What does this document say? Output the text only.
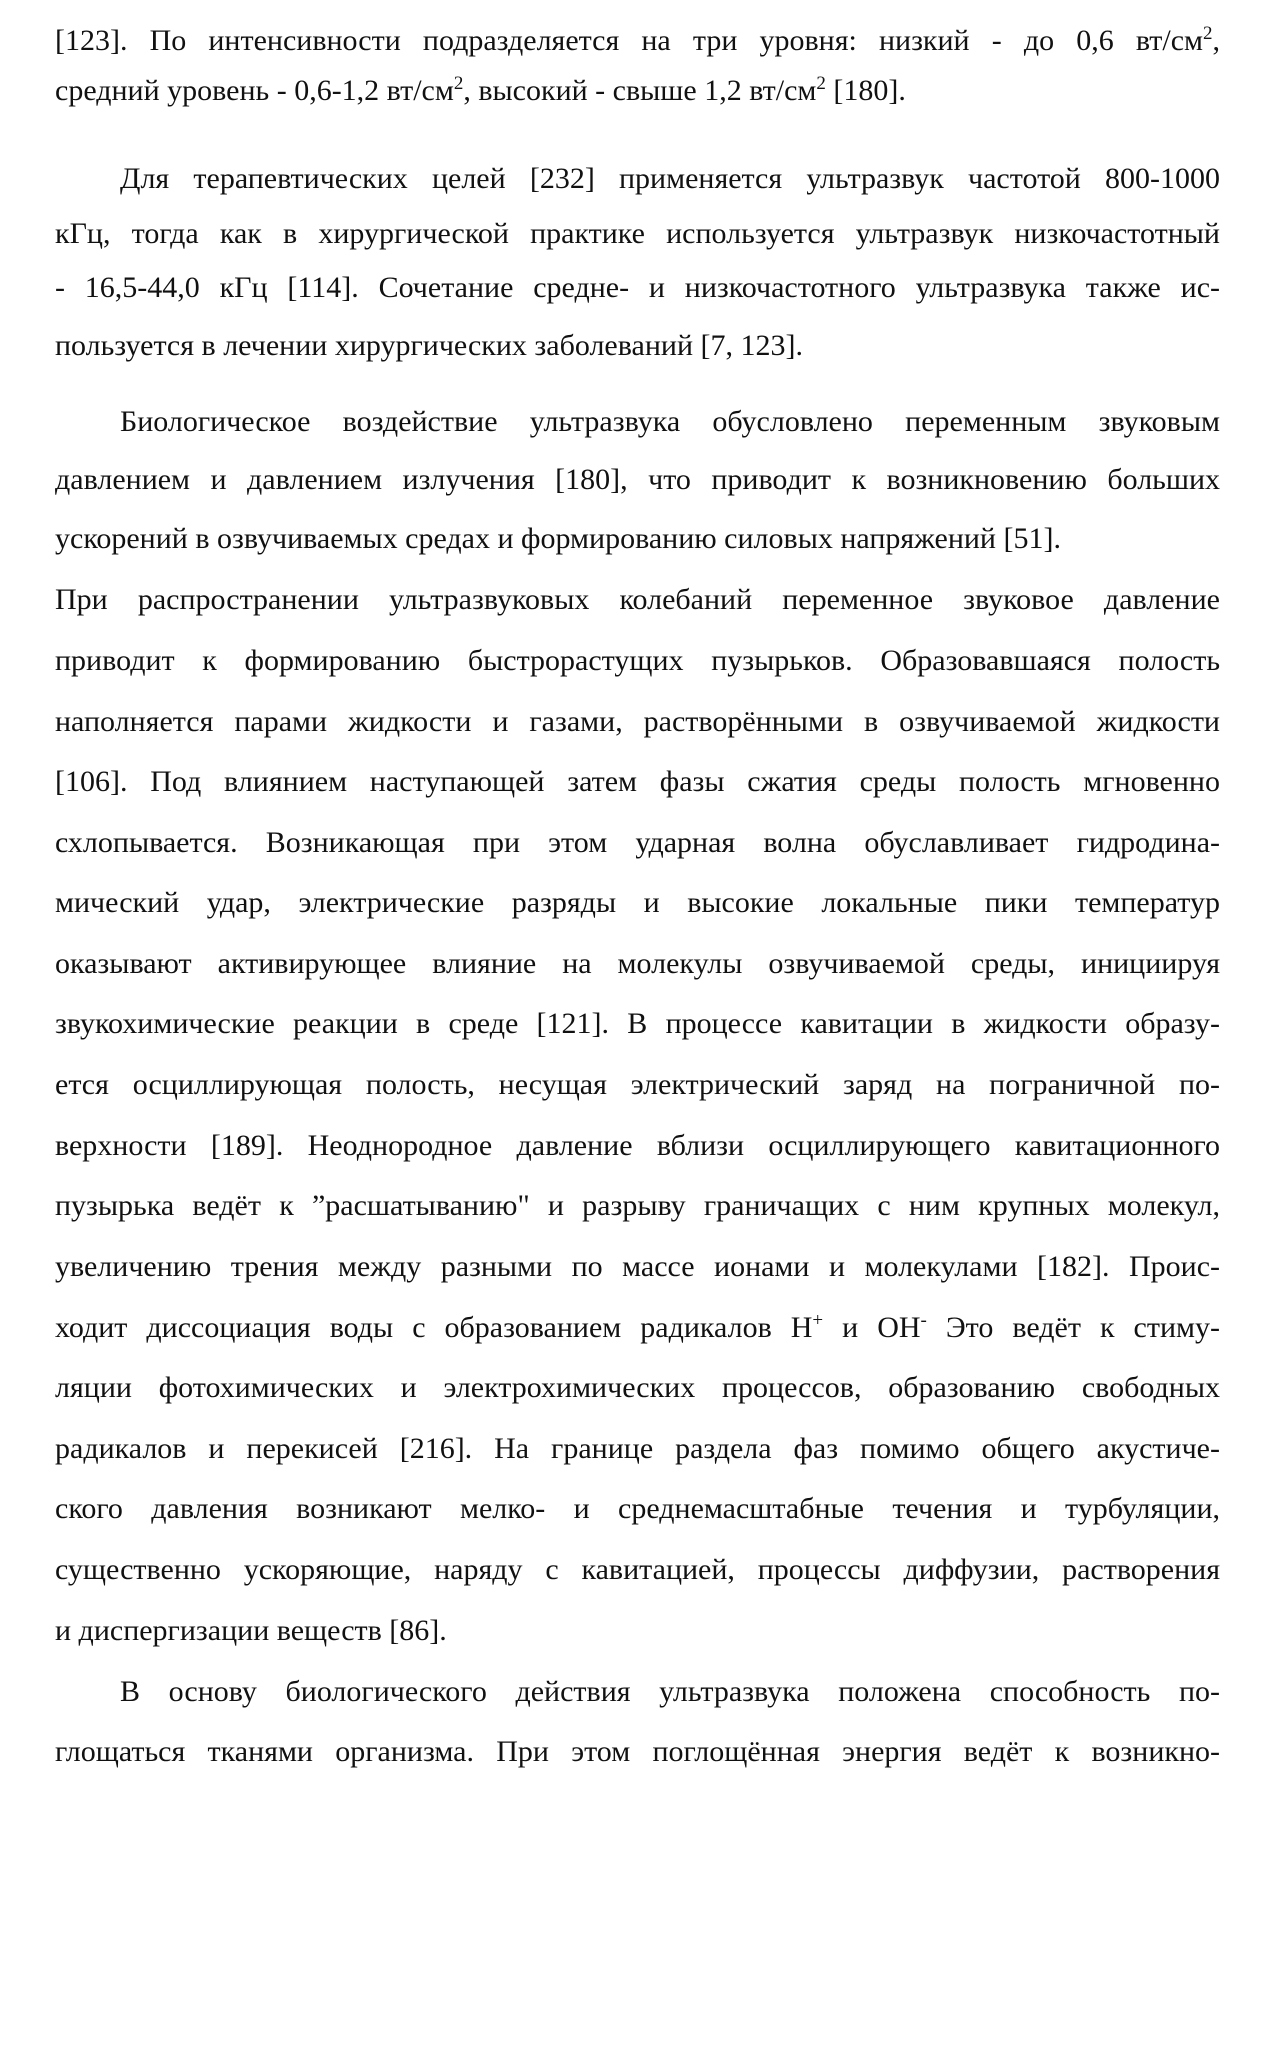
[123]. По интенсивности подразделяется на три уровня: низкий - до 0,6 $вт/см^2$,
средний уровень - 0,6-1,2 $вт/см^2$, высокий - свыше 1,2 $вт/см^2$ [180].
Для терапевтических целей [232] применяется ультразвук частотой 800-1000
кГц, тогда как в хирургической практике используется ультразвук низкочастотный
- 16,5-44,0 кГц [114]. Сочетание средне- и низкочастотного ультразвука также ис-
пользуется в лечении хирургических заболеваний [7, 123].
Биологическое воздействие ультразвука обусловлено переменным звуковым
давлением и давлением излучения [180], что приводит к возникновению больших
ускорений в озвучиваемых средах и формированию силовых напряжений [51].
При распространении ультразвуковых колебаний переменное звуковое давление
приводит к формированию быстрорастущих пузырьков. Образовавшаяся полость
наполняется парами жидкости и газами, растворёнными в озвучиваемой жидкости
[106]. Под влиянием наступающей затем фазы сжатия среды полость мгновенно
схлопывается. Возникающая при этом ударная волна обуславливает гидродина-
мический удар, электрические разряды и высокие локальные пики температур
оказывают активирующее влияние на молекулы озвучиваемой среды, инициируя
звукохимические реакции в среде [121]. В процессе кавитации в жидкости образу-
ется осциллирующая полость, несущая электрический заряд на пограничной по-
верхности [189]. Неоднородное давление вблизи осциллирующего кавитационного
пузырька ведёт к ”расшатыванию" и разрыву граничащих с ним крупных молекул,
увеличению трения между разными по массе ионами и молекулами [182]. Проис-
ходит диссоциация воды с образованием радикалов H+ и OH- Это ведёт к стиму-
ляции фотохимических и электрохимических процессов, образованию свободных
радикалов и перекисей [216]. На границе раздела фаз помимо общего акустиче-
ского давления возникают мелко- и среднемасштабные течения и турбуляции,
существенно ускоряющие, наряду с кавитацией, процессы диффузии, растворения
и диспергизации веществ [86].
В основу биологического действия ультразвука положена способность по-
глощаться тканями организма. При этом поглощённая энергия ведёт к возникно-
